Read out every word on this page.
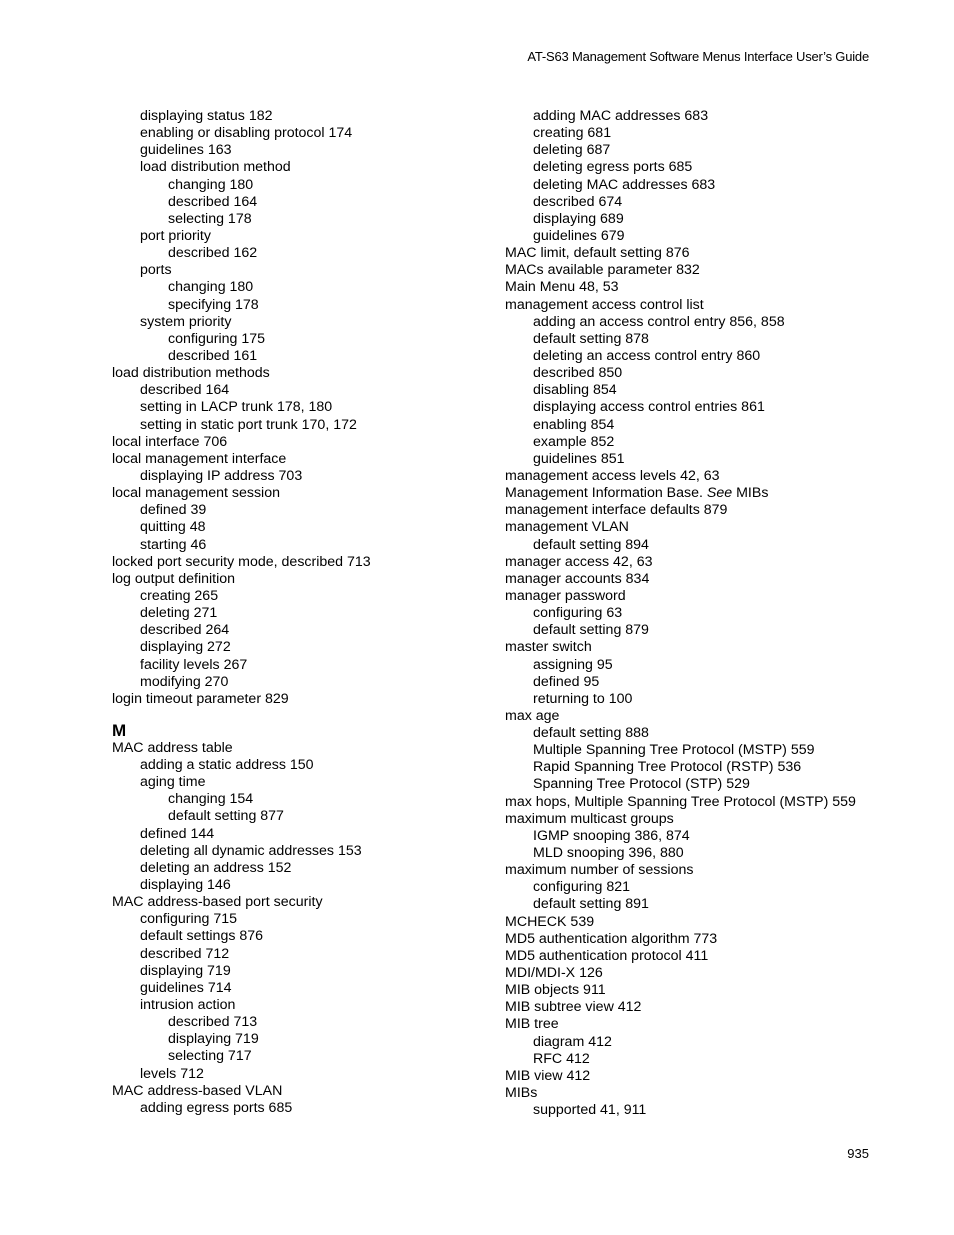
AT-S63 Management Software Menus Interface User’s Guide
displaying status 182
enabling or disabling protocol 174
guidelines 163
load distribution method
changing 180
described 164
selecting 178
port priority
described 162
ports
changing 180
specifying 178
system priority
configuring 175
described 161
load distribution methods
described 164
setting in LACP trunk 178, 180
setting in static port trunk 170, 172
local interface 706
local management interface
displaying IP address 703
local management session
defined 39
quitting 48
starting 46
locked port security mode, described 713
log output definition
creating 265
deleting 271
described 264
displaying 272
facility levels 267
modifying 270
login timeout parameter 829
M
MAC address table
adding a static address 150
aging time
changing 154
default setting 877
defined 144
deleting all dynamic addresses 153
deleting an address 152
displaying 146
MAC address-based port security
configuring 715
default settings 876
described 712
displaying 719
guidelines 714
intrusion action
described 713
displaying 719
selecting 717
levels 712
MAC address-based VLAN
adding egress ports 685
adding MAC addresses 683
creating 681
deleting 687
deleting egress ports 685
deleting MAC addresses 683
described 674
displaying 689
guidelines 679
MAC limit, default setting 876
MACs available parameter 832
Main Menu 48, 53
management access control list
adding an access control entry 856, 858
default setting 878
deleting an access control entry 860
described 850
disabling 854
displaying access control entries 861
enabling 854
example 852
guidelines 851
management access levels 42, 63
Management Information Base. See MIBs
management interface defaults 879
management VLAN
default setting 894
manager access 42, 63
manager accounts 834
manager password
configuring 63
default setting 879
master switch
assigning 95
defined 95
returning to 100
max age
default setting 888
Multiple Spanning Tree Protocol (MSTP) 559
Rapid Spanning Tree Protocol (RSTP) 536
Spanning Tree Protocol (STP) 529
max hops, Multiple Spanning Tree Protocol (MSTP) 559
maximum multicast groups
IGMP snooping 386, 874
MLD snooping 396, 880
maximum number of sessions
configuring 821
default setting 891
MCHECK 539
MD5 authentication algorithm 773
MD5 authentication protocol 411
MDI/MDI-X 126
MIB objects 911
MIB subtree view 412
MIB tree
diagram 412
RFC 412
MIB view 412
MIBs
supported 41, 911
935
